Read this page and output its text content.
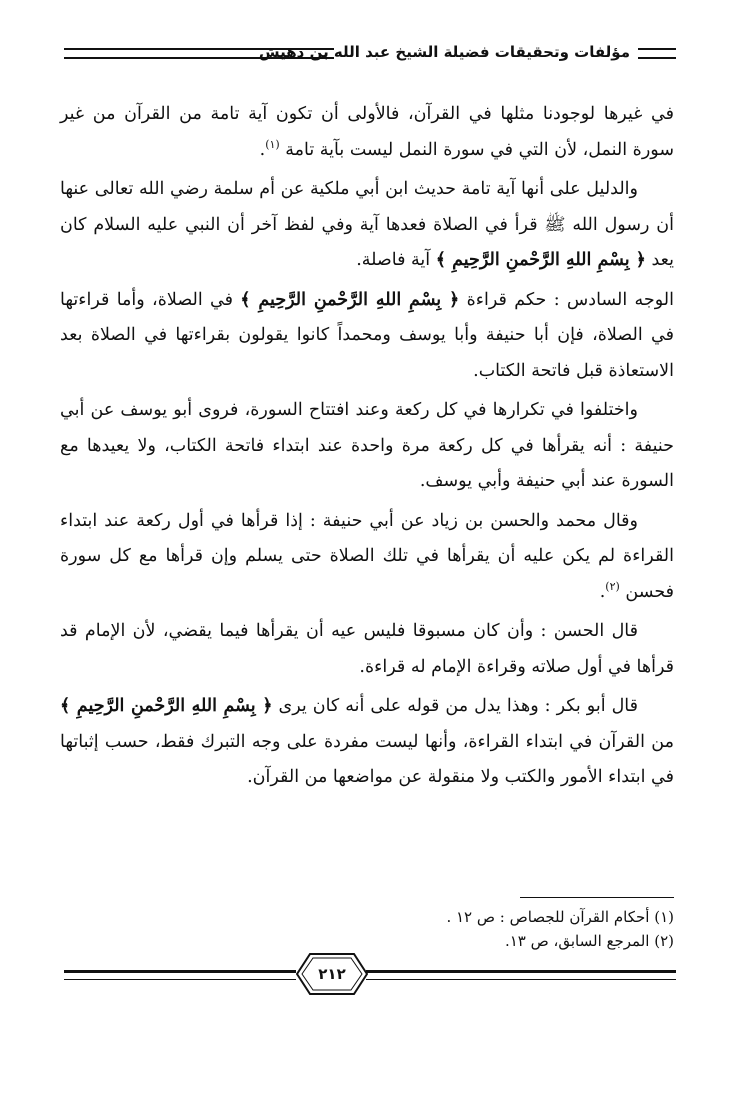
مؤلفات وتحقيقات فضيلة الشيخ عبد الله بن دهيش

في غيرها لوجودنا مثلها في القرآن، فالأولى أن تكون آية تامة من القرآن من غير سورة النمل، لأن التي في سورة النمل ليست بآية تامة $^{(١)}$.

والدليل على أنها آية تامة حديث ابن أبي ملكية عن أم سلمة رضي الله تعالى عنها أن رسول الله ﷺ قرأ في الصلاة فعدها آية وفي لفظ آخر أن النبي عليه السلام كان يعد ﴿ بِسْمِ اللهِ الرَّحْمنِ الرَّحِيمِ ﴾ آية فاصلة.

الوجه السادس : حكم قراءة ﴿ بِسْمِ اللهِ الرَّحْمنِ الرَّحِيمِ ﴾ في الصلاة، وأما قراءتها في الصلاة، فإن أبا حنيفة وأبا يوسف ومحمداً كانوا يقولون بقراءتها في الصلاة بعد الاستعاذة قبل فاتحة الكتاب.

واختلفوا في تكرارها في كل ركعة وعند افتتاح السورة، فروى أبو يوسف عن أبي حنيفة : أنه يقرأها في كل ركعة مرة واحدة عند ابتداء فاتحة الكتاب، ولا يعيدها مع السورة عند أبي حنيفة وأبي يوسف.

وقال محمد والحسن بن زياد عن أبي حنيفة : إذا قرأها في أول ركعة عند ابتداء القراءة لم يكن عليه أن يقرأها في تلك الصلاة حتى يسلم وإن قرأها مع كل سورة فحسن $^{(٢)}$.

قال الحسن : وأن كان مسبوقا فليس عيه أن يقرأها فيما يقضي، لأن الإمام قد قرأها في أول صلاته وقراءة الإمام له قراءة.

قال أبو بكر : وهذا يدل من قوله على أنه كان يرى ﴿ بِسْمِ اللهِ الرَّحْمنِ الرَّحِيمِ ﴾ من القرآن في ابتداء القراءة، وأنها ليست مفردة على وجه التبرك فقط، حسب إثباتها في ابتداء الأمور والكتب ولا منقولة عن مواضعها من القرآن.

(١) أحكام القرآن للجصاص : ص ١٢ .

(٢) المرجع السابق، ص ١٣.

٢١٢
